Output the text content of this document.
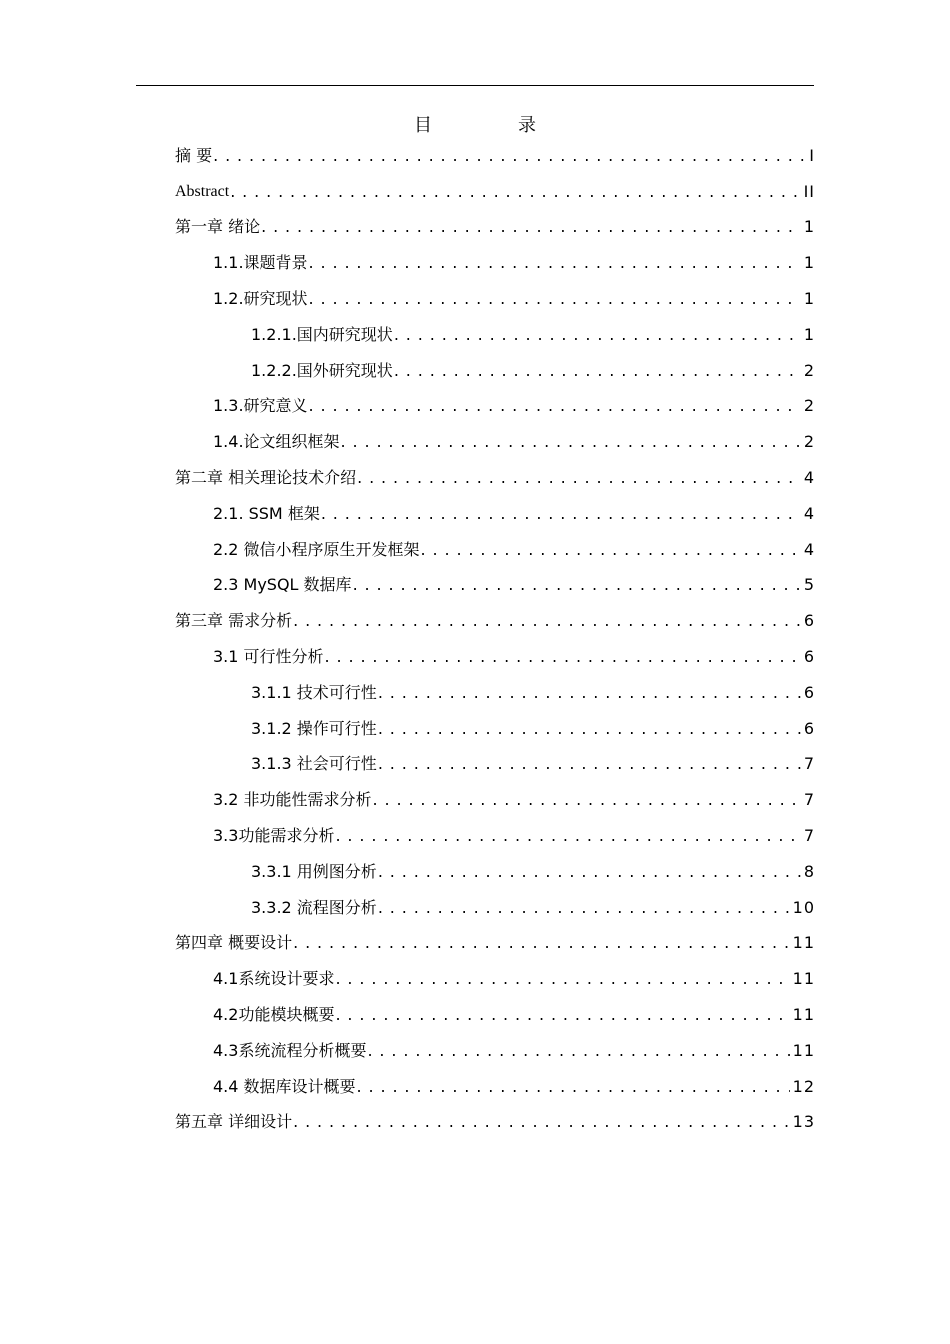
目　录
摘 要 . . .	I
Abstract . . .	II
第一章 绪论 . . .	1
1.1.课题背景 . . .	1
1.2.研究现状 . . .	1
1.2.1.国内研究现状 . . .	1
1.2.2.国外研究现状 . . .	2
1.3.研究意义 . . .	2
1.4.论文组织框架 . . .	2
第二章 相关理论技术介绍 . . .	4
2.1. SSM 框架 . . .	4
2.2 微信小程序原生开发框架 . . .	4
2.3 MySQL 数据库 . . .	5
第三章 需求分析 . . .	6
3.1 可行性分析 . . .	6
3.1.1 技术可行性 . . .	6
3.1.2 操作可行性 . . .	6
3.1.3 社会可行性 . . .	7
3.2 非功能性需求分析 . . .	7
3.3功能需求分析 . . .	7
3.3.1 用例图分析 . . .	8
3.3.2 流程图分析 . . .	10
第四章 概要设计 . . .	11
4.1系统设计要求 . . .	11
4.2功能模块概要 . . .	11
4.3系统流程分析概要 . . .	11
4.4 数据库设计概要 . . .	12
第五章 详细设计 . . .	13
